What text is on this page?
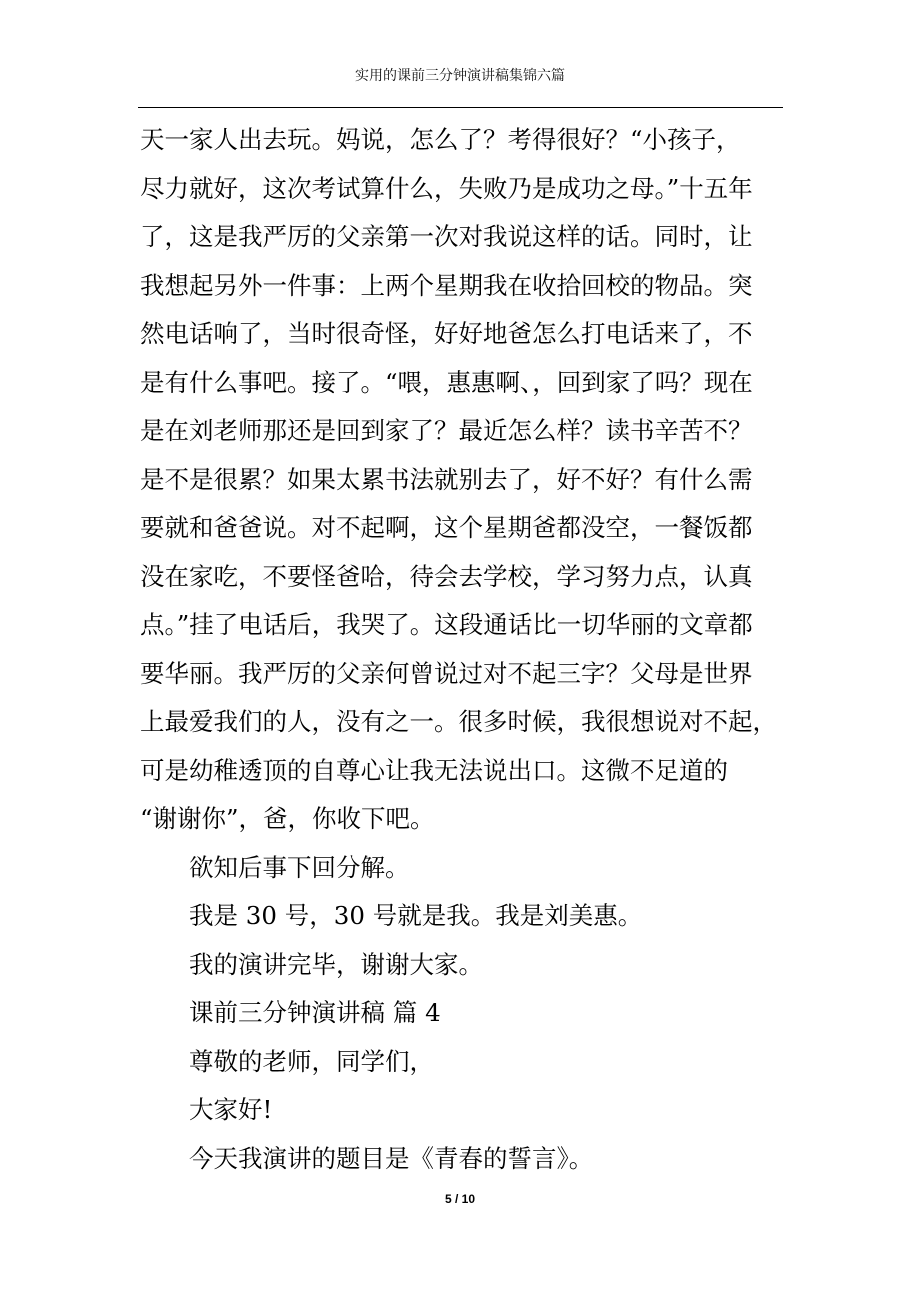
实用的课前三分钟演讲稿集锦六篇
天一家人出去玩。妈说，怎么了？考得很好？“小孩子，
尽力就好，这次考试算什么，失败乃是成功之母。”十五年
了，这是我严厉的父亲第一次对我说这样的话。同时，让
我想起另外一件事：上两个星期我在收拾回校的物品。突
然电话响了，当时很奇怪，好好地爸怎么打电话来了，不
是有什么事吧。接了。“喂，惠惠啊、，回到家了吗？现在
是在刘老师那还是回到家了？最近怎么样？读书辛苦不？
是不是很累？如果太累书法就别去了，好不好？有什么需
要就和爸爸说。对不起啊，这个星期爸都没空，一餐饭都
没在家吃，不要怪爸哈，待会去学校，学习努力点，认真
点。”挂了电话后，我哭了。这段通话比一切华丽的文章都
要华丽。我严厉的父亲何曾说过对不起三字？父母是世界
上最爱我们的人，没有之一。很多时候，我很想说对不起，
可是幼稚透顶的自尊心让我无法说出口。这微不足道的
“谢谢你”，爸，你收下吧。
欲知后事下回分解。
我是 30 号，30 号就是我。我是刘美惠。
我的演讲完毕，谢谢大家。
课前三分钟演讲稿 篇 4
尊敬的老师，同学们，
大家好!
今天我演讲的题目是《青春的誓言》。
5 / 10
